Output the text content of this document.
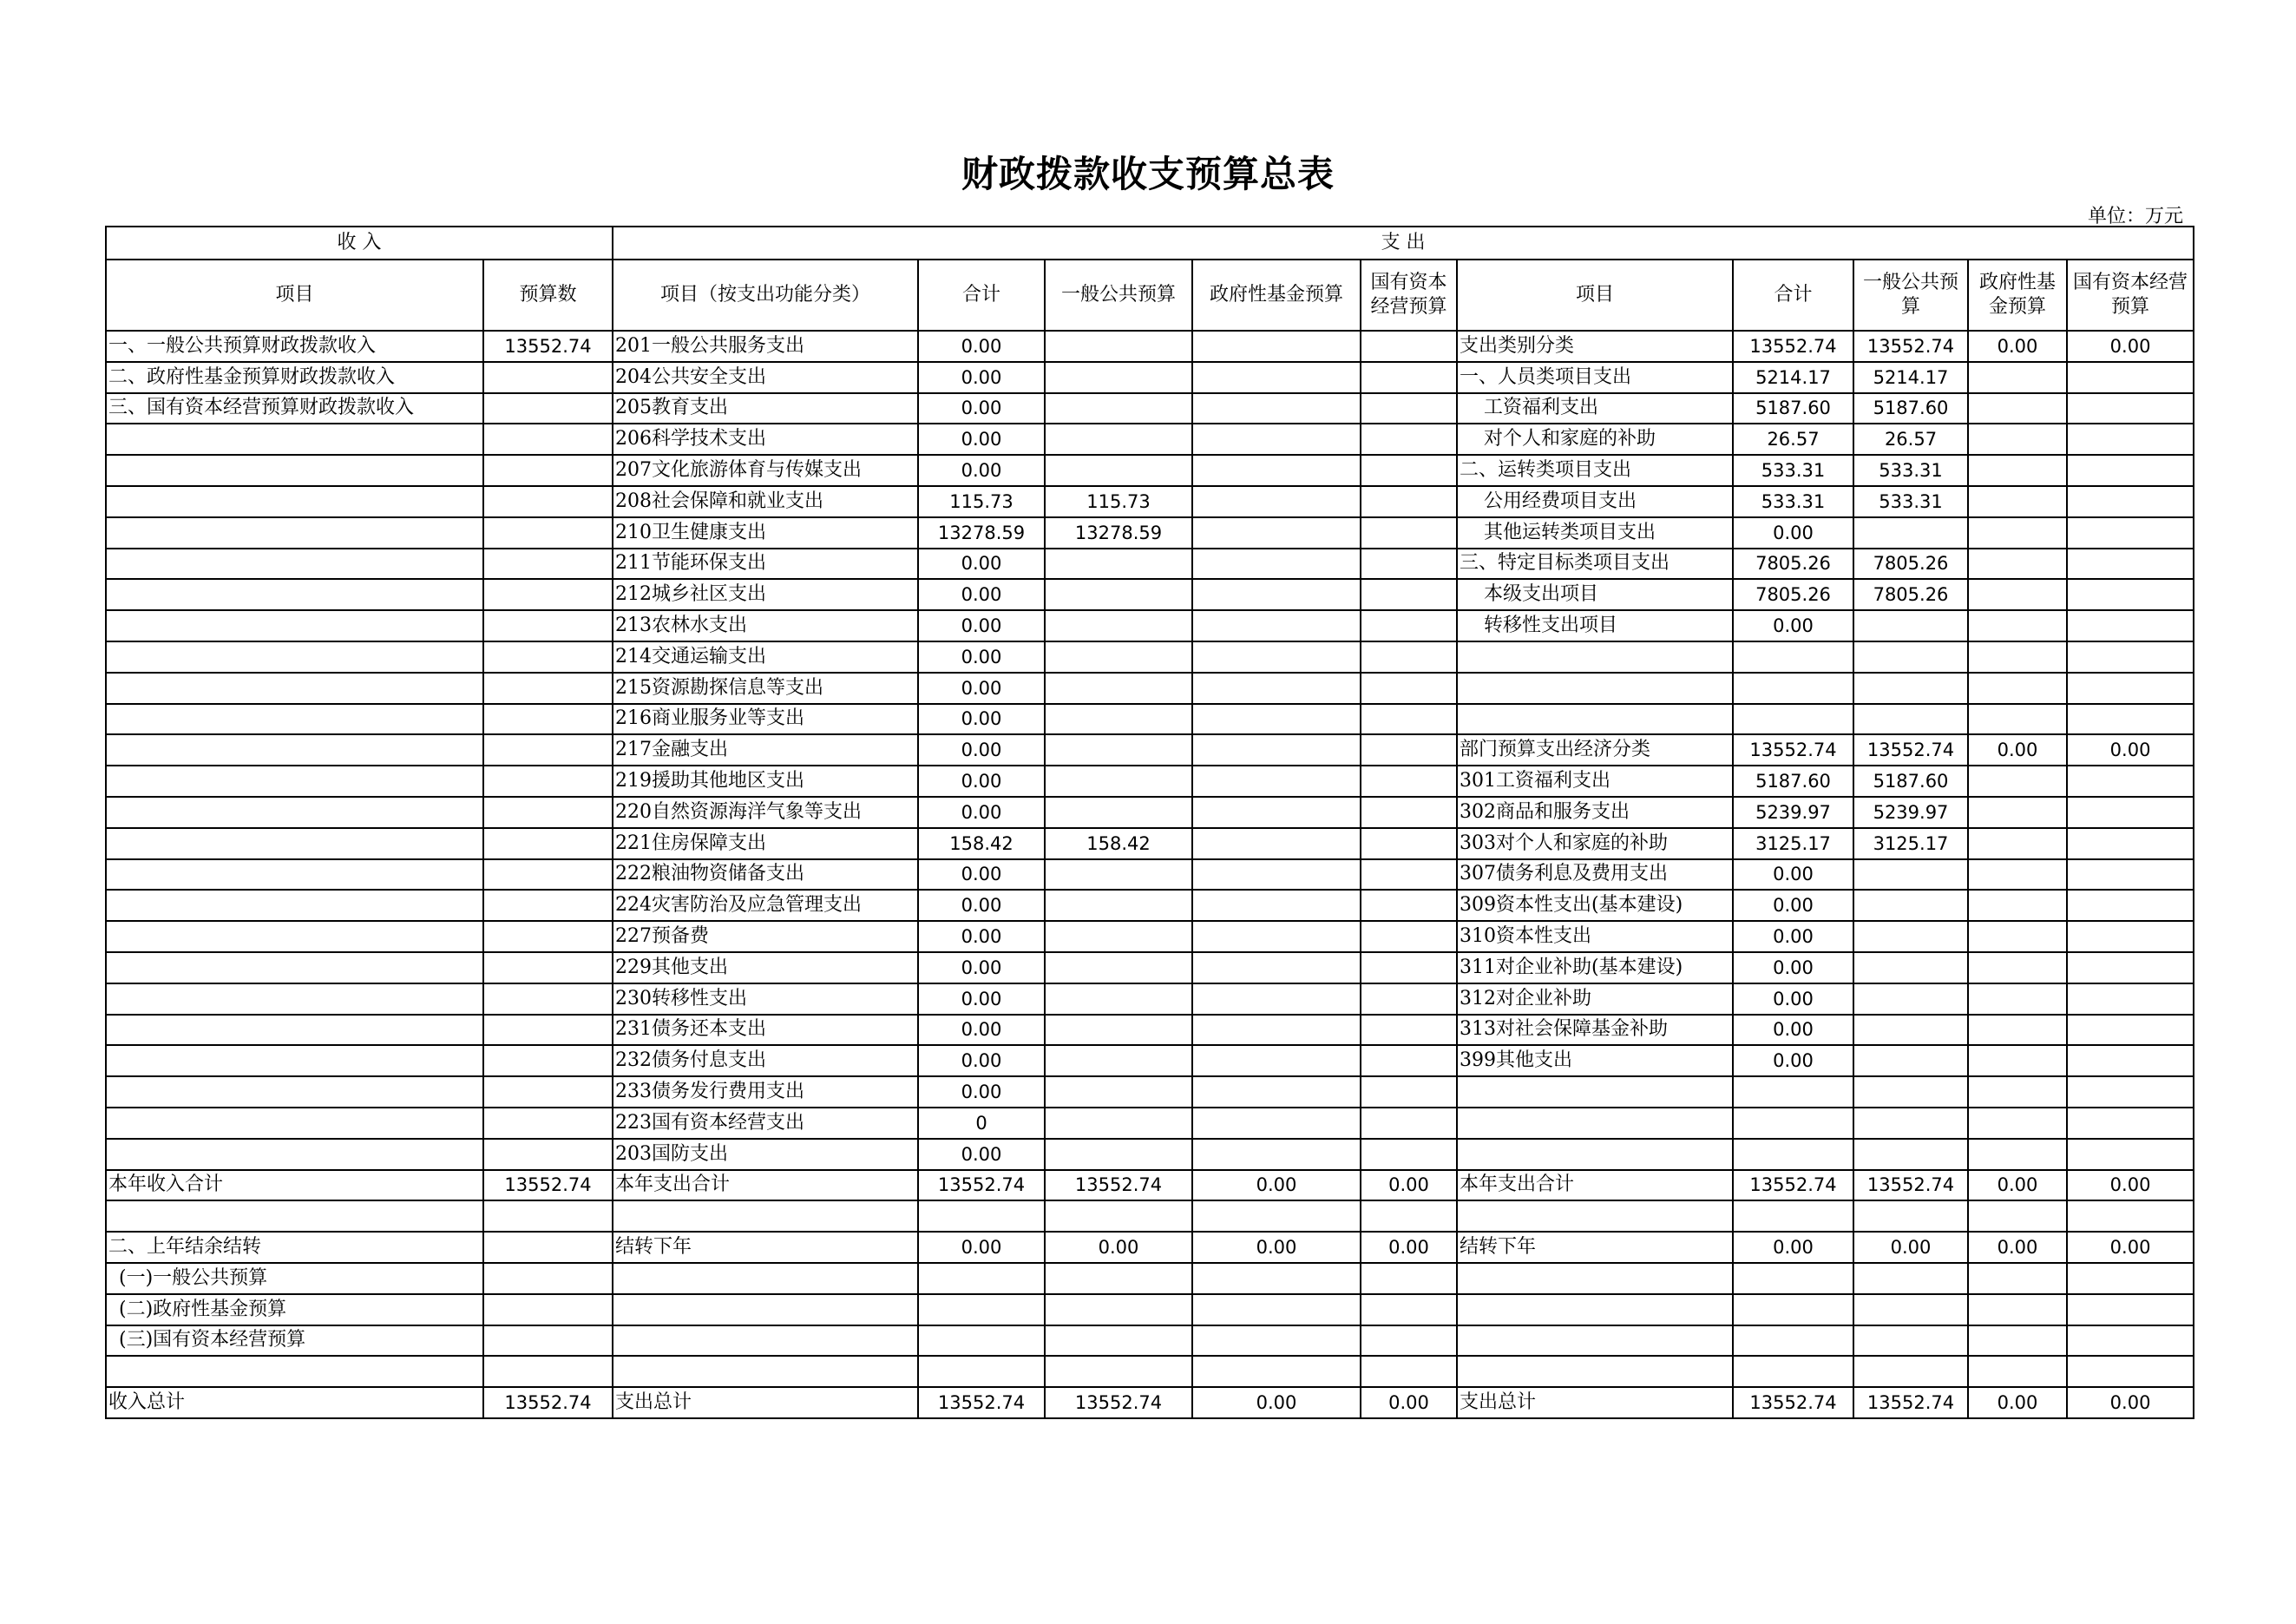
财政拨款收支预算总表
单位：万元
收 入		支 出									
项目	预算数	项目（按支出功能分类）	合计	一般公共预算	政府性基金预算	国有资本经营预算	项目	合计	一般公共预算	政府性基金预算	国有资本经营预算
一、一般公共预算财政拨款收入	13552.74	201一般公共服务支出	0.00				支出类别分类	13552.74	13552.74	0.00	0.00
二、政府性基金预算财政拨款收入		204公共安全支出	0.00				一、人员类项目支出	5214.17	5214.17		
三、国有资本经营预算财政拨款收入		205教育支出	0.00				工资福利支出	5187.60	5187.60		
		206科学技术支出	0.00				对个人和家庭的补助	26.57	26.57		
		207文化旅游体育与传媒支出	0.00				二、运转类项目支出	533.31	533.31		
		208社会保障和就业支出	115.73	115.73			公用经费项目支出	533.31	533.31		
		210卫生健康支出	13278.59	13278.59			其他运转类项目支出	0.00			
		211节能环保支出	0.00				三、特定目标类项目支出	7805.26	7805.26		
		212城乡社区支出	0.00				本级支出项目	7805.26	7805.26		
		213农林水支出	0.00				转移性支出项目	0.00			
		214交通运输支出	0.00								
		215资源勘探信息等支出	0.00								
		216商业服务业等支出	0.00								
		217金融支出	0.00				部门预算支出经济分类	13552.74	13552.74	0.00	0.00
		219援助其他地区支出	0.00				301工资福利支出	5187.60	5187.60		
		220自然资源海洋气象等支出	0.00				302商品和服务支出	5239.97	5239.97		
		221住房保障支出	158.42	158.42			303对个人和家庭的补助	3125.17	3125.17		
		222粮油物资储备支出	0.00				307债务利息及费用支出	0.00			
		224灾害防治及应急管理支出	0.00				309资本性支出(基本建设)	0.00			
		227预备费	0.00				310资本性支出	0.00			
		229其他支出	0.00				311对企业补助(基本建设)	0.00			
		230转移性支出	0.00				312对企业补助	0.00			
		231债务还本支出	0.00				313对社会保障基金补助	0.00			
		232债务付息支出	0.00				399其他支出	0.00			
		233债务发行费用支出	0.00								
		223国有资本经营支出	0								
		203国防支出	0.00								
本年收入合计	13552.74	本年支出合计	13552.74	13552.74	0.00	0.00	本年支出合计	13552.74	13552.74	0.00	0.00

二、上年结余结转		结转下年	0.00	0.00	0.00	0.00	结转下年	0.00	0.00	0.00	0.00
(一)一般公共预算											
(二)政府性基金预算											
(三)国有资本经营预算											

收入总计	13552.74	支出总计	13552.74	13552.74	0.00	0.00	支出总计	13552.74	13552.74	0.00	0.00
